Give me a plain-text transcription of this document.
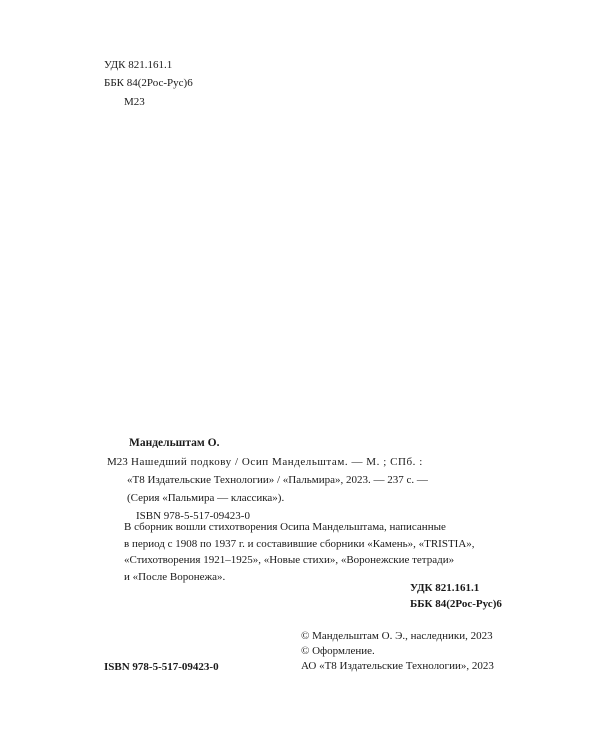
УДК 821.161.1
ББК 84(2Рос-Рус)6
М23
Мандельштам О.
М23 Нашедший подкову / Осип Мандельштам. — М. ; СПб. :
«Т8 Издательские Технологии» / «Пальмира», 2023. — 237 с. —
(Серия «Пальмира — классика»).
ISBN 978-5-517-09423-0
В сборник вошли стихотворения Осипа Мандельштама, написанные
в период с 1908 по 1937 г. и составившие сборники «Камень», «TRISTIA»,
«Стихотворения 1921–1925», «Новые стихи», «Воронежские тетради»
и «После Воронежа».
УДК 821.161.1
ББК 84(2Рос-Рус)6
© Мандельштам О. Э., наследники, 2023
© Оформление.
АО «Т8 Издательские Технологии», 2023
ISBN 978-5-517-09423-0
